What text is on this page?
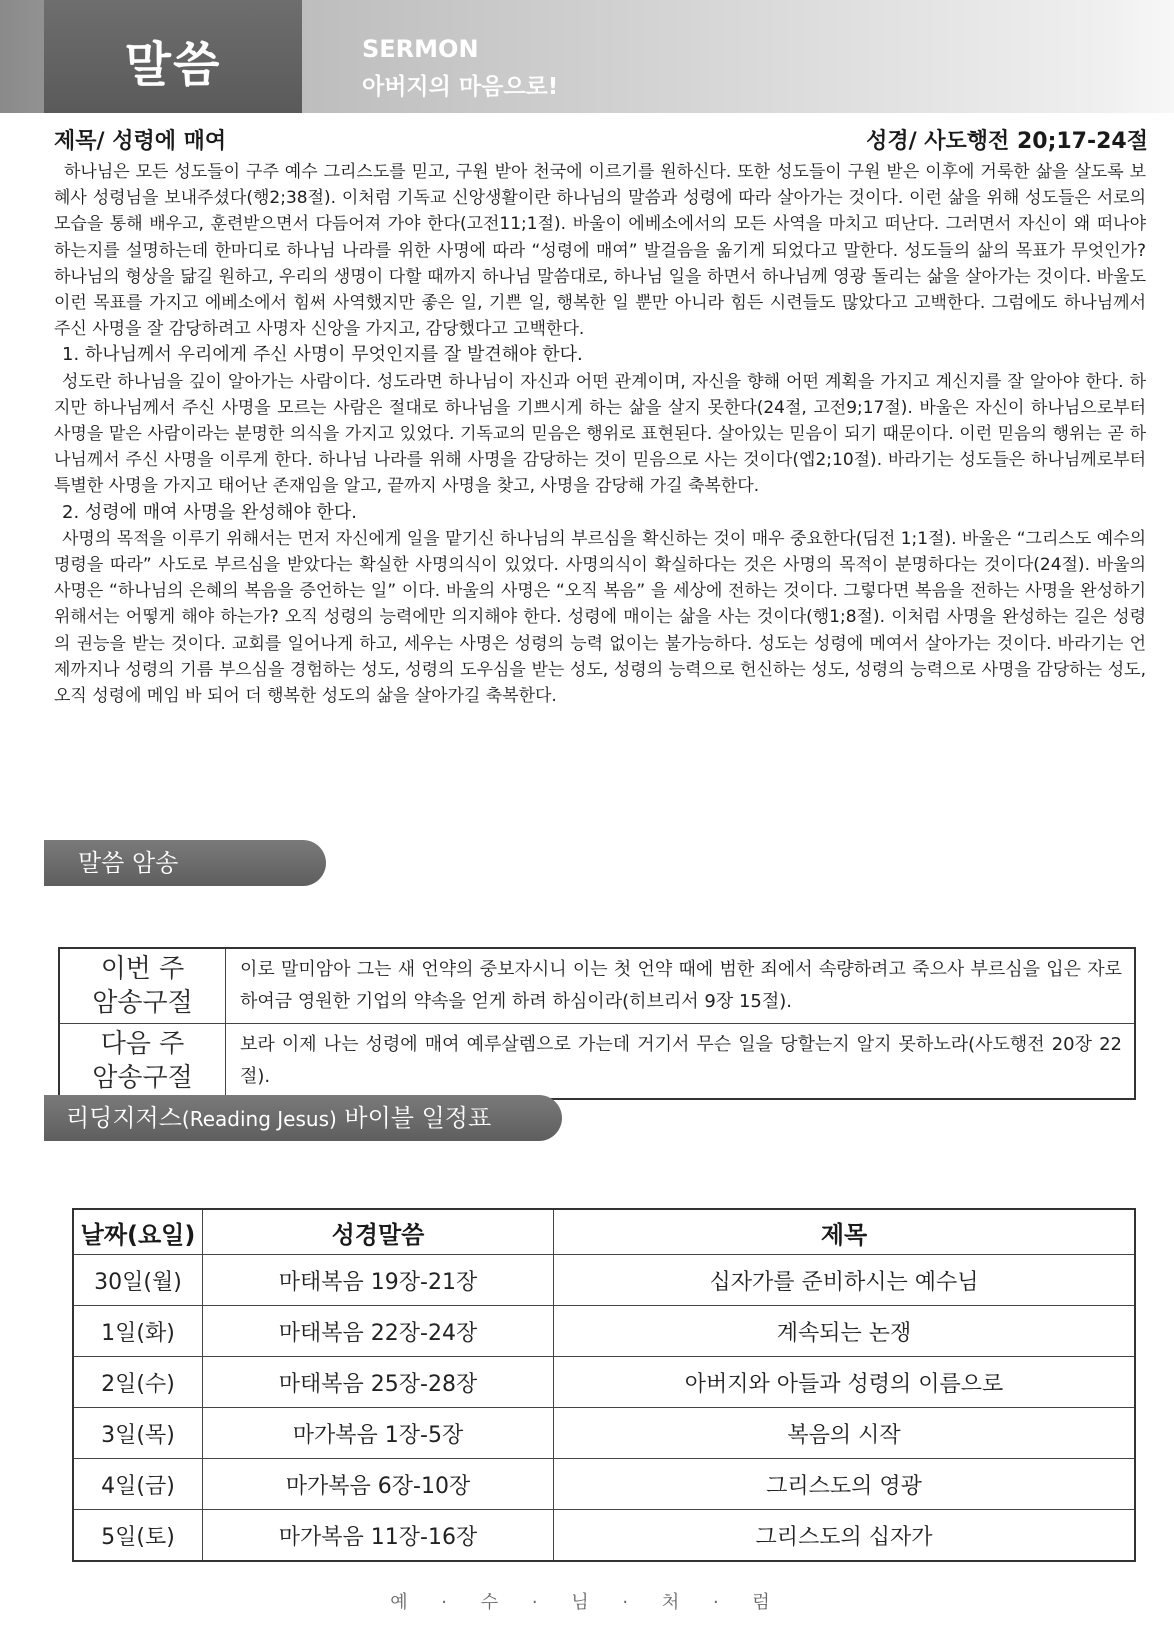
말씀	SERMON
아버지의 마음으로!
제목/ 성령에 매여	성경/ 사도행전 20;17-24절

하나님은 모든 성도들이 구주 예수 그리스도를 믿고, 구원 받아 천국에 이르기를 원하신다. 또한 성도들이 구원 받은 이후에 거룩한 삶을 살도록 보혜사 성령님을 보내주셨다(행2;38절). 이처럼 기독교 신앙생활이란 하나님의 말씀과 성령에 따라 살아가는 것이다. 이런 삶을 위해 성도들은 서로의 모습을 통해 배우고, 훈련받으면서 다듬어져 가야 한다(고전11;1절). 바울이 에베소에서의 모든 사역을 마치고 떠난다. 그러면서 자신이 왜 떠나야 하는지를 설명하는데 한마디로 하나님 나라를 위한 사명에 따라 “성령에 매여” 발걸음을 옮기게 되었다고 말한다. 성도들의 삶의 목표가 무엇인가? 하나님의 형상을 닮길 원하고, 우리의 생명이 다할 때까지 하나님 말씀대로, 하나님 일을 하면서 하나님께 영광 돌리는 삶을 살아가는 것이다. 바울도 이런 목표를 가지고 에베소에서 힘써 사역했지만 좋은 일, 기쁜 일, 행복한 일 뿐만 아니라 힘든 시련들도 많았다고 고백한다. 그럼에도 하나님께서 주신 사명을 잘 감당하려고 사명자 신앙을 가지고, 감당했다고 고백한다.

1. 하나님께서 우리에게 주신 사명이 무엇인지를 잘 발견해야 한다.

성도란 하나님을 깊이 알아가는 사람이다. 성도라면 하나님이 자신과 어떤 관계이며, 자신을 향해 어떤 계획을 가지고 계신지를 잘 알아야 한다. 하지만 하나님께서 주신 사명을 모르는 사람은 절대로 하나님을 기쁘시게 하는 삶을 살지 못한다(24절, 고전9;17절). 바울은 자신이 하나님으로부터 사명을 맡은 사람이라는 분명한 의식을 가지고 있었다. 기독교의 믿음은 행위로 표현된다. 살아있는 믿음이 되기 때문이다. 이런 믿음의 행위는 곧 하나님께서 주신 사명을 이루게 한다. 하나님 나라를 위해 사명을 감당하는 것이 믿음으로 사는 것이다(엡2;10절). 바라기는 성도들은 하나님께로부터 특별한 사명을 가지고 태어난 존재임을 알고, 끝까지 사명을 찾고, 사명을 감당해 가길 축복한다.

2. 성령에 매여 사명을 완성해야 한다.

사명의 목적을 이루기 위해서는 먼저 자신에게 일을 맡기신 하나님의 부르심을 확신하는 것이 매우 중요한다(딤전 1;1절). 바울은 “그리스도 예수의 명령을 따라” 사도로 부르심을 받았다는 확실한 사명의식이 있었다. 사명의식이 확실하다는 것은 사명의 목적이 분명하다는 것이다(24절). 바울의 사명은 “하나님의 은혜의 복음을 증언하는 일” 이다. 바울의 사명은 “오직 복음” 을 세상에 전하는 것이다. 그렇다면 복음을 전하는 사명을 완성하기 위해서는 어떻게 해야 하는가? 오직 성령의 능력에만 의지해야 한다. 성령에 매이는 삶을 사는 것이다(행1;8절). 이처럼 사명을 완성하는 길은 성령의 권능을 받는 것이다. 교회를 일어나게 하고, 세우는 사명은 성령의 능력 없이는 불가능하다. 성도는 성령에 메여서 살아가는 것이다. 바라기는 언제까지나 성령의 기름 부으심을 경험하는 성도, 성령의 도우심을 받는 성도, 성령의 능력으로 헌신하는 성도, 성령의 능력으로 사명을 감당하는 성도, 오직 성령에 메임 바 되어 더 행복한 성도의 삶을 살아가길 축복한다.

말씀 암송
이번 주
암송구절	이로 말미암아 그는 새 언약의 중보자시니 이는 첫 언약 때에 범한 죄에서 속량하려고 죽으사 부르심을 입은 자로 하여금 영원한 기업의 약속을 얻게 하려 하심이라(히브리서 9장 15절).

다음 주
암송구절	보라 이제 나는 성령에 매여 예루살렘으로 가는데 거기서 무슨 일을 당할는지 알지 못하노라(사도행전 20장 22절).
리딩지저스(Reading Jesus) 바이블 일정표
날짜(요일)	성경말씀	제목
30일(월)	마태복음 19장-21장	십자가를 준비하시는 예수님
1일(화)	마태복음 22장-24장	계속되는 논쟁
2일(수)	마태복음 25장-28장	아버지와 아들과 성령의 이름으로
3일(목)	마가복음 1장-5장	복음의 시작
4일(금)	마가복음 6장-10장	그리스도의 영광
5일(토)	마가복음 11장-16장	그리스도의 십자가
예 · 수 · 님 · 처 · 럼
